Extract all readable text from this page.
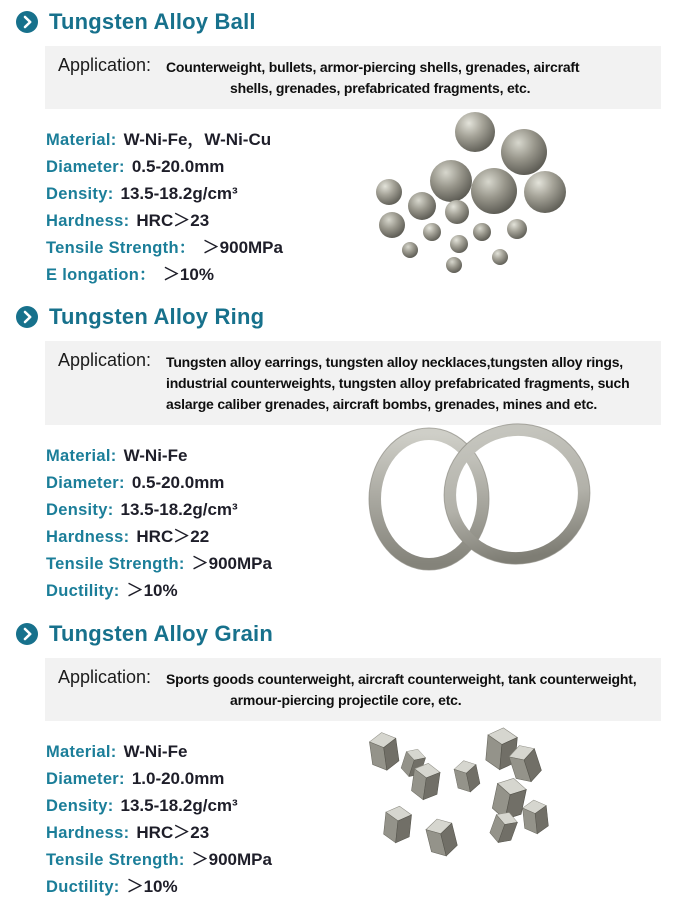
Tungsten Alloy Ball
Application:	Counterweight, bullets, armor-piercing shells, grenades, aircraft
shells, grenades, prefabricated fragments, etc.
Material: W-Ni-Fe，W-Ni-Cu
Diameter: 0.5-20.0mm
Density: 13.5-18.2g/cm³
Hardness: HRC＞23
Tensile Strength： ＞900MPa
E longation： ＞10%
Tungsten Alloy Ring
Application:	Tungsten alloy earrings, tungsten alloy necklaces,tungsten alloy rings,
industrial counterweights, tungsten alloy prefabricated fragments, such
aslarge caliber grenades, aircraft bombs, grenades, mines and etc.
Material: W-Ni-Fe
Diameter: 0.5-20.0mm
Density: 13.5-18.2g/cm³
Hardness: HRC＞22
Tensile Strength: ＞900MPa
Ductility: ＞10%
Tungsten Alloy Grain
Application:	Sports goods counterweight, aircraft counterweight, tank counterweight,
armour-piercing projectile core, etc.
Material: W-Ni-Fe
Diameter: 1.0-20.0mm
Density: 13.5-18.2g/cm³
Hardness: HRC＞23
Tensile Strength: ＞900MPa
Ductility: ＞10%
